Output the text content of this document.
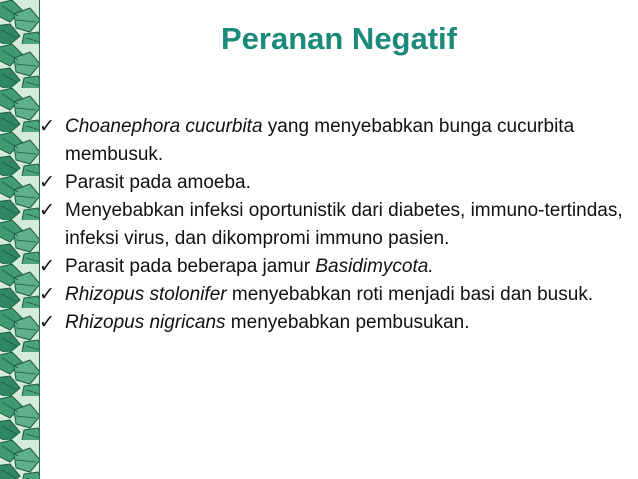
Peranan Negatif
✓ Choanephora cucurbita yang menyebabkan bunga cucurbita membusuk.
✓ Parasit pada amoeba.
✓ Menyebabkan infeksi oportunistik dari diabetes, immuno-tertindas, infeksi virus, dan dikompromi immuno pasien.
✓ Parasit pada beberapa jamur Basidimycota.
✓ Rhizopus stolonifer menyebabkan roti menjadi basi dan busuk.
✓ Rhizopus nigricans menyebabkan pembusukan.
